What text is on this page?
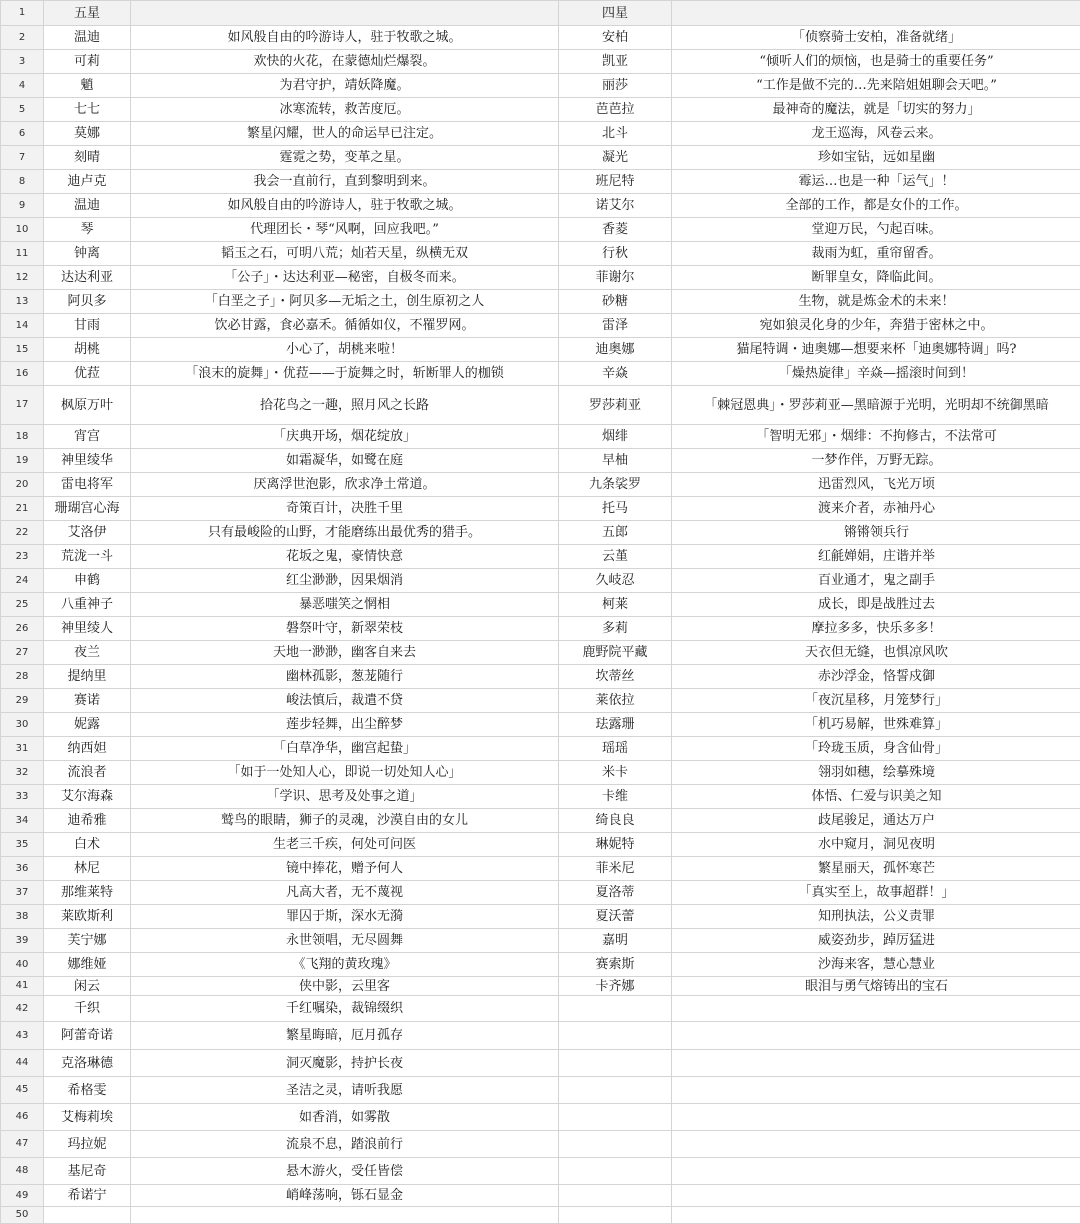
1	五星		四星		
2	温迪	如风般自由的吟游诗人，驻于牧歌之城。	安柏	「侦察骑士安柏，准备就绪」	
3	可莉	欢快的火花，在蒙德灿烂爆裂。	凯亚	“倾听人们的烦恼，也是骑士的重要任务”	
4	魈	为君守护，靖妖降魔。	丽莎	“工作是做不完的…先来陪姐姐聊会天吧。”	
5	七七	冰寒流转，救苦度厄。	芭芭拉	最神奇的魔法，就是「切实的努力」	
6	莫娜	繁星闪耀，世人的命运早已注定。	北斗	龙王巡海，风卷云来。	
7	刻晴	霆霓之势，变革之星。	凝光	珍如宝钻，远如星幽	
8	迪卢克	我会一直前行，直到黎明到来。	班尼特	霉运…也是一种「运气」！	
9	温迪	如风般自由的吟游诗人，驻于牧歌之城。	诺艾尔	全部的工作，都是女仆的工作。	
10	琴	代理团长・琴“风啊，回应我吧。”	香菱	堂迎万民，勺起百味。	
11	钟离	韬玉之石，可明八荒；灿若天星，纵横无双	行秋	裁雨为虹，重帘留香。	
12	达达利亚	「公子」・达达利亚—秘密，自极冬而来。	菲谢尔	断罪皇女，降临此间。	
13	阿贝多	「白垩之子」・阿贝多—无垢之土，创生原初之人	砂糖	生物，就是炼金术的未来！	
14	甘雨	饮必甘露，食必嘉禾。循循如仪，不罹罗网。	雷泽	宛如狼灵化身的少年，奔猎于密林之中。	
15	胡桃	小心了，胡桃来啦！	迪奥娜	猫尾特调・迪奥娜—想要来杯「迪奥娜特调」吗?	
16	优菈	「浪末的旋舞」・优菈——于旋舞之时，斩断罪人的枷锁	辛焱	「燥热旋律」辛焱—摇滚时间到！	
17	枫原万叶	拾花鸟之一趣，照月风之长路	罗莎莉亚	「棘冠恩典」・罗莎莉亚—黑暗源于光明，光明却不统御黑暗	
18	宵宫	「庆典开场，烟花绽放」	烟绯	「智明无邪」・烟绯：不拘修古，不法常可	
19	神里绫华	如霜凝华，如鹭在庭	早柚	一梦作伴，万野无踪。	
20	雷电将军	厌离浮世泡影，欣求净土常道。	九条裟罗	迅雷烈风，飞光万顷	
21	珊瑚宫心海	奇策百计，决胜千里	托马	渡来介者，赤袖丹心	
22	艾洛伊	只有最峻险的山野，才能磨练出最优秀的猎手。	五郎	锵锵领兵行	
23	荒泷一斗	花坂之鬼，豪情快意	云堇	红毹婵娟，庄谐并举	
24	申鹤	红尘渺渺，因果烟消	久岐忍	百业通才，鬼之副手	
25	八重神子	暴恶嗤笑之惘相	柯莱	成长，即是战胜过去	
26	神里绫人	磐祭叶守，新翠荣枝	多莉	摩拉多多，快乐多多！	
27	夜兰	天地一渺渺，幽客自来去	鹿野院平藏	天衣但无缝，也惧凉风吹	
28	提纳里	幽林孤影，葱茏随行	坎蒂丝	赤沙浮金，恪誓戍御	
29	赛诺	峻法慎后，裁遣不贷	莱依拉	「夜沉星移，月笼梦行」	
30	妮露	莲步轻舞，出尘醉梦	珐露珊	「机巧易解，世殊难算」	
31	纳西妲	「白草净华，幽宫起蛰」	瑶瑶	「玲珑玉质，身含仙骨」	
32	流浪者	「如于一处知人心，即说一切处知人心」	米卡	翎羽如穗，绘摹殊境	
33	艾尔海森	「学识、思考及处事之道」	卡维	体悟、仁爱与识美之知	
34	迪希雅	鹫鸟的眼睛，狮子的灵魂，沙漠自由的女儿	绮良良	歧尾骏足，通达万户	
35	白术	生老三千疾，何处可问医	琳妮特	水中窥月，洞见夜明	
36	林尼	镜中捧花，赠予何人	菲米尼	繁星丽天，孤怀寒芒	
37	那维莱特	凡高大者，无不蔑视	夏洛蒂	「真实至上，故事超群！」	
38	莱欧斯利	罪囚于斯，深水无漪	夏沃蕾	知刑执法，公义责罪	
39	芙宁娜	永世领唱，无尽圆舞	嘉明	威姿劲步，踔厉猛进	
40	娜维娅	《飞翔的黄玫瑰》	赛索斯	沙海来客，慧心慧业	
41	闲云	侠中影，云里客	卡齐娜	眼泪与勇气熔铸出的宝石	
42	千织	千红嘱染，裁锦缀织			
43	阿蕾奇诺	繁星晦暗，厄月孤存			
44	克洛琳德	洞灭魔影，持护长夜			
45	希格雯	圣洁之灵，请听我愿			
46	艾梅莉埃	如香消，如雾散			
47	玛拉妮	流泉不息，踏浪前行			
48	基尼奇	悬木游火，受任皆偿			
49	希诺宁	峭峰荡响，铄石显金			
50					
